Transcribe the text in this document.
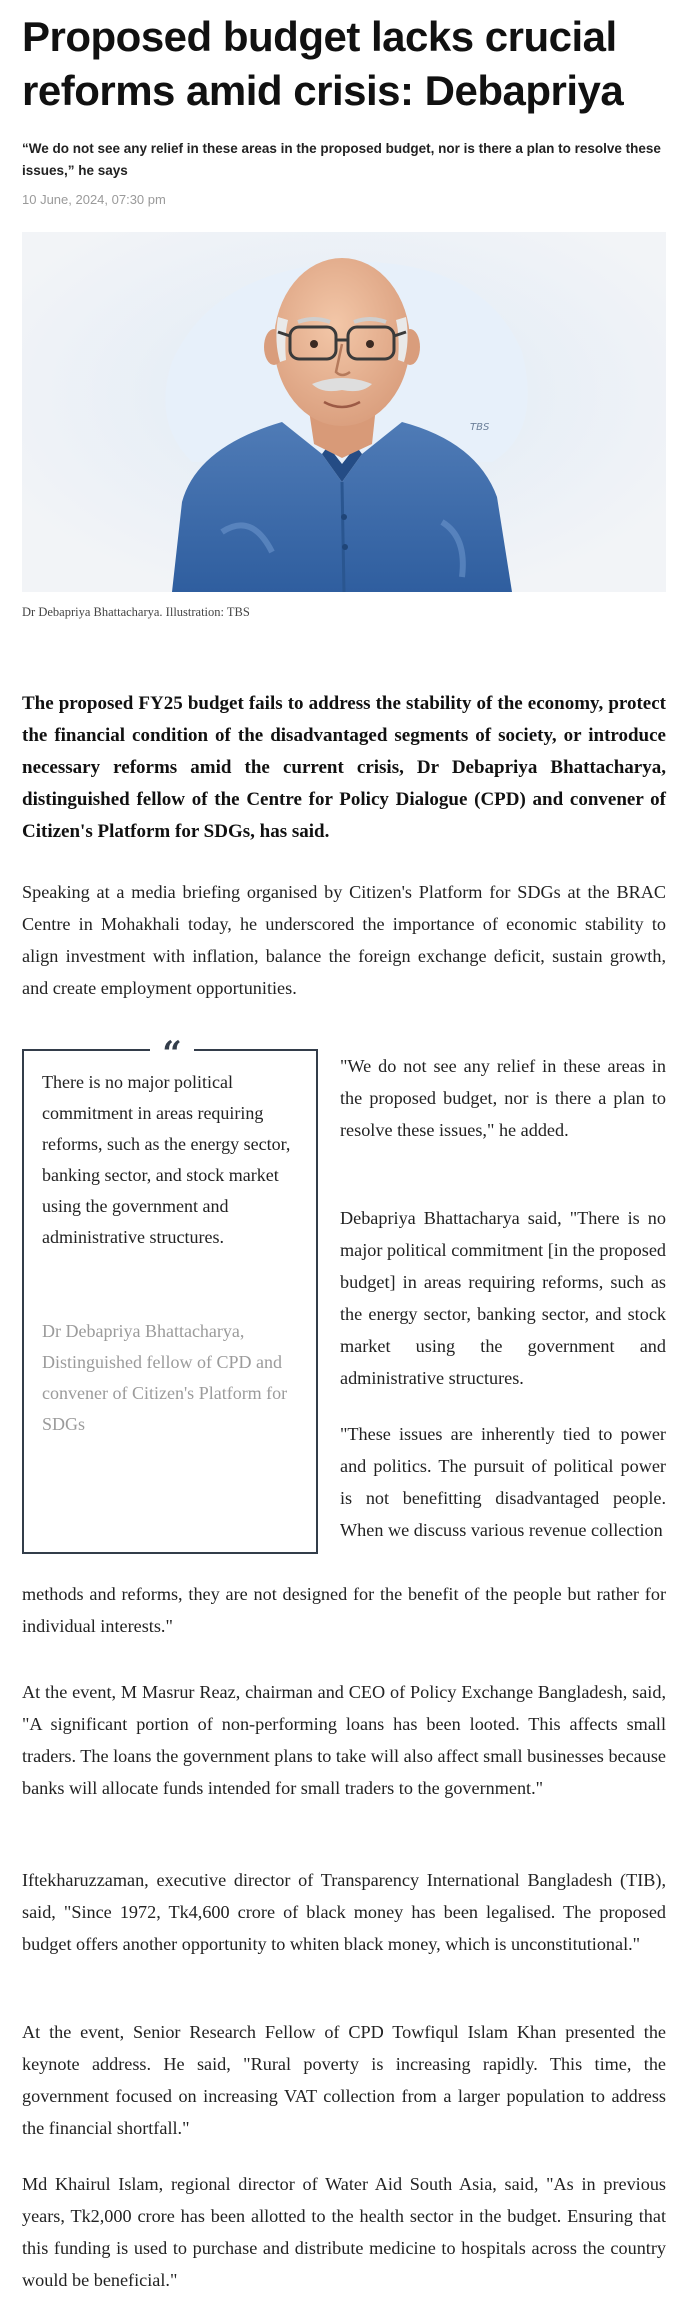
Proposed budget lacks crucial reforms amid crisis: Debapriya

“We do not see any relief in these areas in the proposed budget, nor is there a plan to resolve these issues,” he says

10 June, 2024, 07:30 pm

TBS

Dr Debapriya Bhattacharya. Illustration: TBS

The proposed FY25 budget fails to address the stability of the economy, protect the financial condition of the disadvantaged segments of society, or introduce necessary reforms amid the current crisis, Dr Debapriya Bhattacharya, distinguished fellow of the Centre for Policy Dialogue (CPD) and convener of Citizen's Platform for SDGs, has said.

Speaking at a media briefing organised by Citizen's Platform for SDGs at the BRAC Centre in Mohakhali today, he underscored the importance of economic stability to align investment with inflation, balance the foreign exchange deficit, sustain growth, and create employment opportunities.

“

There is no major political commitment in areas requiring reforms, such as the energy sector, banking sector, and stock market using the government and administrative structures.

Dr Debapriya Bhattacharya, Distinguished fellow of CPD and convener of Citizen's Platform for SDGs

"We do not see any relief in these areas in the proposed budget, nor is there a plan to resolve these issues," he added.

Debapriya Bhattacharya said, "There is no major political commitment [in the proposed budget] in areas requiring reforms, such as the energy sector, banking sector, and stock market using the government and administrative structures.

"These issues are inherently tied to power and politics. The pursuit of political power is not benefitting disadvantaged people. When we discuss various revenue collection

methods and reforms, they are not designed for the benefit of the people but rather for individual interests."

At the event, M Masrur Reaz, chairman and CEO of Policy Exchange Bangladesh, said, "A significant portion of non-performing loans has been looted. This affects small traders. The loans the government plans to take will also affect small businesses because banks will allocate funds intended for small traders to the government."

Iftekharuzzaman, executive director of Transparency International Bangladesh (TIB), said, "Since 1972, Tk4,600 crore of black money has been legalised. The proposed budget offers another opportunity to whiten black money, which is unconstitutional."

At the event, Senior Research Fellow of CPD Towfiqul Islam Khan presented the keynote address. He said, "Rural poverty is increasing rapidly. This time, the government focused on increasing VAT collection from a larger population to address the financial shortfall."

Md Khairul Islam, regional director of Water Aid South Asia, said, "As in previous years, Tk2,000 crore has been allotted to the health sector in the budget. Ensuring that this funding is used to purchase and distribute medicine to hospitals across the country would be beneficial."
